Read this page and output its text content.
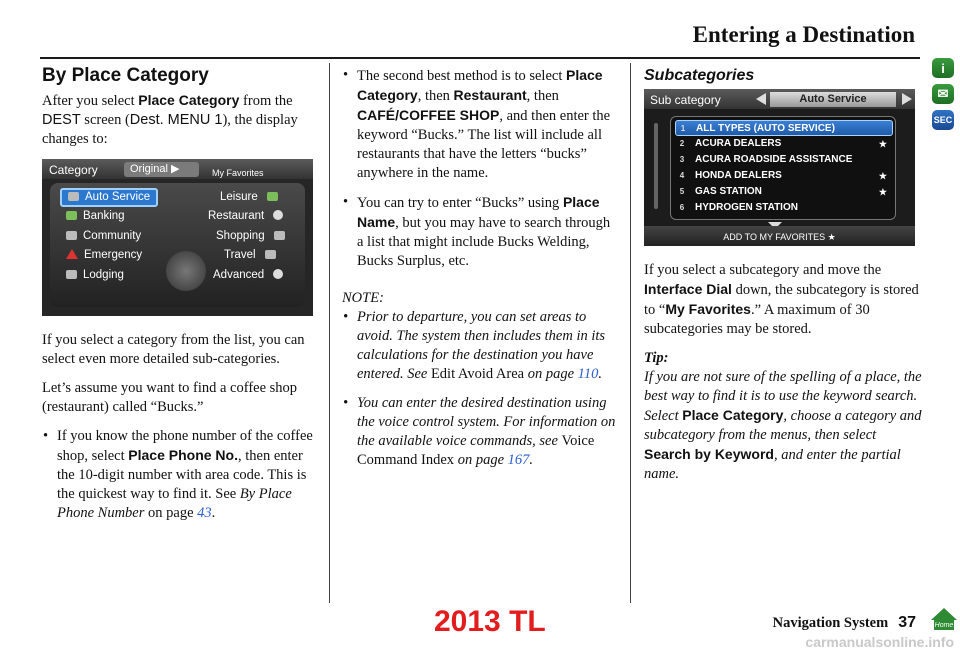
Entering a Destination
i
✉
SEC
By Place Category

After you select Place Category from the DEST screen (Dest. MENU 1), the display changes to:

Category	Original ▶	My Favorites
Auto Service
Banking
Community
Emergency
Lodging
Leisure
Restaurant
Shopping
Travel
Advanced

If you select a category from the list, you can select even more detailed sub-categories.

Let’s assume you want to find a coffee shop (restaurant) called “Bucks.”

• If you know the phone number of the coffee shop, select Place Phone No., then enter the 10-digit number with area code. This is the quickest way to find it. See By Place Phone Number on page 43.
• The second best method is to select Place Category, then Restaurant, then CAFÉ/COFFEE SHOP, and then enter the keyword “Bucks.” The list will include all restaurants that have the letters “bucks” anywhere in the name.
• You can try to enter “Bucks” using Place Name, but you may have to search through a list that might include Bucks Welding, Bucks Surplus, etc.
NOTE:
• Prior to departure, you can set areas to avoid. The system then includes them in its calculations for the destination you have entered. See Edit Avoid Area on page 110.
• You can enter the desired destination using the voice control system. For information on the available voice commands, see Voice Command Index on page 167.
Subcategories
Sub category	Auto Service
1 ALL TYPES (AUTO SERVICE)
2 ACURA DEALERS	★
3 ACURA ROADSIDE ASSISTANCE
4 HONDA DEALERS	★
5 GAS STATION	★
6 HYDROGEN STATION
ADD TO MY FAVORITES ★

If you select a subcategory and move the Interface Dial down, the subcategory is stored to “My Favorites.” A maximum of 30 subcategories may be stored.

Tip:

If you are not sure of the spelling of a place, the best way to find it is to use the keyword search. Select Place Category, choose a category and subcategory from the menus, then select Search by Keyword, and enter the partial name.

2013 TL	Navigation System 37	Home
carmanualsonline.info
